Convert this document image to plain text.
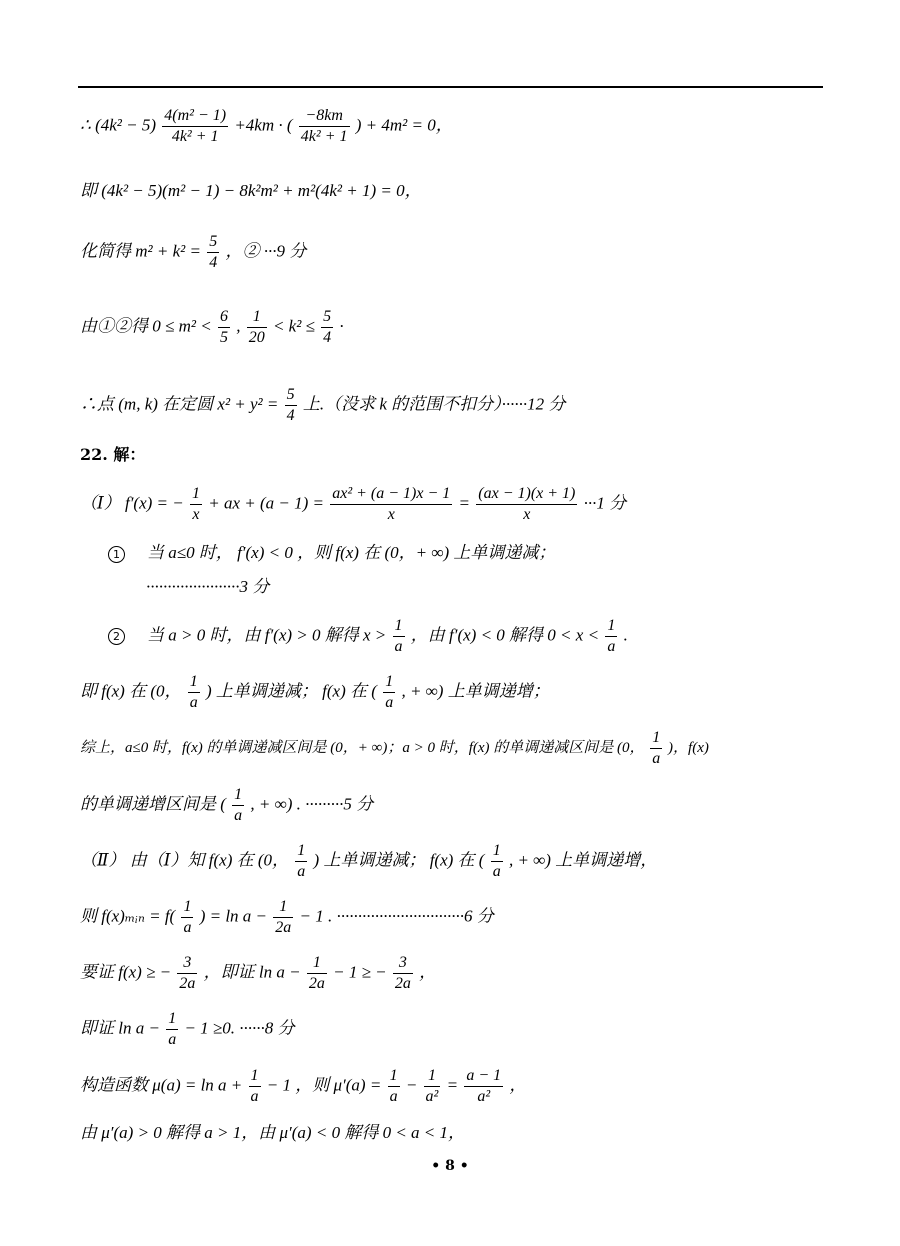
∴ $(4k^2 - 5) \frac{\text{4(m² − 1)}}{\text{4k² + 1}} +4km$ · ( $\frac{-8km}{\text{4k² + 1}}$ ) + 4m² = 0，
即 (4k² − 5)(m² − 1) − 8k²m² + m²(4k² + 1) = 0，
化简得 $m^2 + k^2 = \frac{5}{4}$ ，② ···9 分
由①②得 $0 \le m^2 < \frac{6}{5}$ , $\frac{1}{20} < k^2 \le \frac{5}{4}$ ·
∴点 (m, k) 在定圆 $x^2 + y^2 = \frac{5}{4}$ 上.（没求 k 的范围不扣分）······12 分
22. 解：
（Ⅰ） f′(x) = − $\frac{1}{x}$ + ax + $(a - 1) = \frac{\text{ax² + (a − 1)x − 1}}{x} = \frac{(ax - 1)(x + 1)}{x} \cdot\cdot\cdot 1$ 分
1 当 a≤0 时， f′(x) < 0 ，则 f(x) 在 (0，+ ∞) 上单调递减；
······················3 分
2 当 a > 0 时，由 f′(x) > 0 解得 $x > \frac{1}{a}$ ，由 f′(x) < 0 解得 $0 < x < \frac{1}{a}$ .
即 f(x) 在 (0， $\frac{1}{a}$ ) 上单调递减； f(x) 在 ( $\frac{1}{a}$ , + ∞) 上单调递增；
综上，a≤0 时，f(x) 的单调递减区间是 (0，+ ∞)；a > 0 时，f(x) 的单调递减区间是 (0， $\frac{1}{a}$ )，f(x)
的单调递增区间是 ( $\frac{1}{a}$ , + ∞) . ·········5 分
（Ⅱ） 由（Ⅰ）知 f(x) 在 (0， $\frac{1}{a}$ ) 上单调递减； f(x) 在 ( $\frac{1}{a}$ , + ∞) 上单调递增，
则 f(x)ₘᵢₙ = $f( \frac{1}{a}$ ) = $\ln a - \frac{1}{2a} - 1$ . ······························6 分
要证 f(x) ≥ − $\frac{3}{2a}$ ，即证 $\ln a - \frac{1}{2a} - 1$ ≥ − $\frac{3}{2a}$ ，
即证 $\ln a - \frac{1}{a} - 1 \ge 0$. ······8 分
构造函数 $\mu(a) = \ln a + \frac{1}{a} - 1$ ，则 $\mu'(a) = \frac{1}{a} - \frac{1}{\text{a²}} = \frac{a - 1}{\text{a²}}$ ，
由 μ′(a) > 0 解得 a > 1，由 μ′(a) < 0 解得 0 < a < 1，
• 8 •
